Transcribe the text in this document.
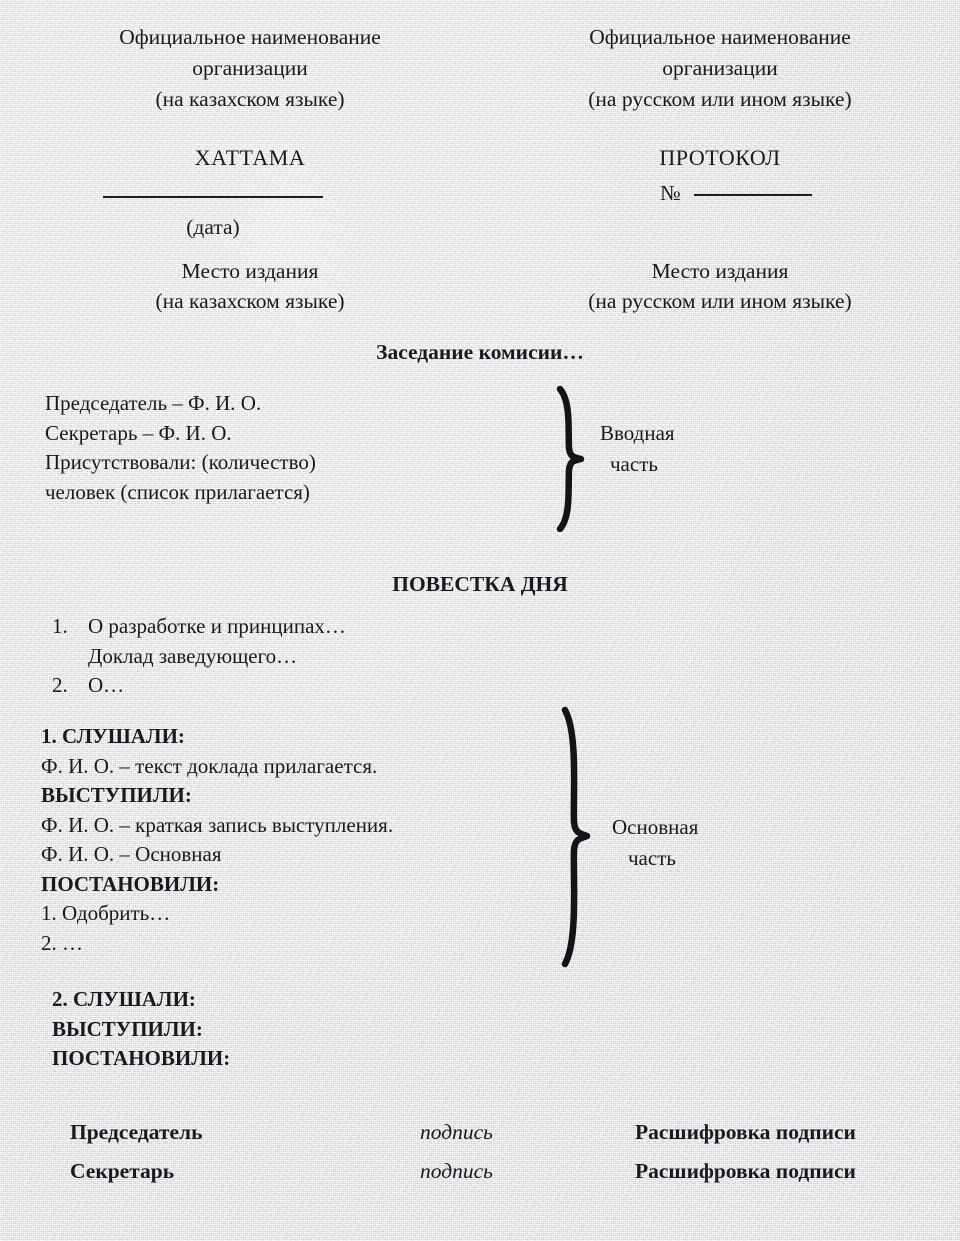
Официальное наименование
организации
(на казахском языке)
ХАТТАМА
(дата)
Официальное наименование
организации
(на русском или ином языке)
ПРОТОКОЛ
№
Место издания
(на казахском языке)
Место издания
(на русском или ином языке)
Заседание комисии…
Председатель – Ф. И. О.
Секретарь – Ф. И. О.
Присутствовали: (количество)
человек (список прилагается)
Вводная
часть
ПОВЕСТКА ДНЯ
1. О разработке и принципах…
Доклад заведующего…
2. О…
1. СЛУШАЛИ:
Ф. И. О. – текст доклада прилагается.
ВЫСТУПИЛИ:
Ф. И. О. – краткая запись выступления.
Ф. И. О. – Основная
ПОСТАНОВИЛИ:
1. Одобрить…
2. …
Основная
часть
2. СЛУШАЛИ:
ВЫСТУПИЛИ:
ПОСТАНОВИЛИ:
Председатель	подпись	Расшифровка подписи
Секретарь	подпись	Расшифровка подписи
